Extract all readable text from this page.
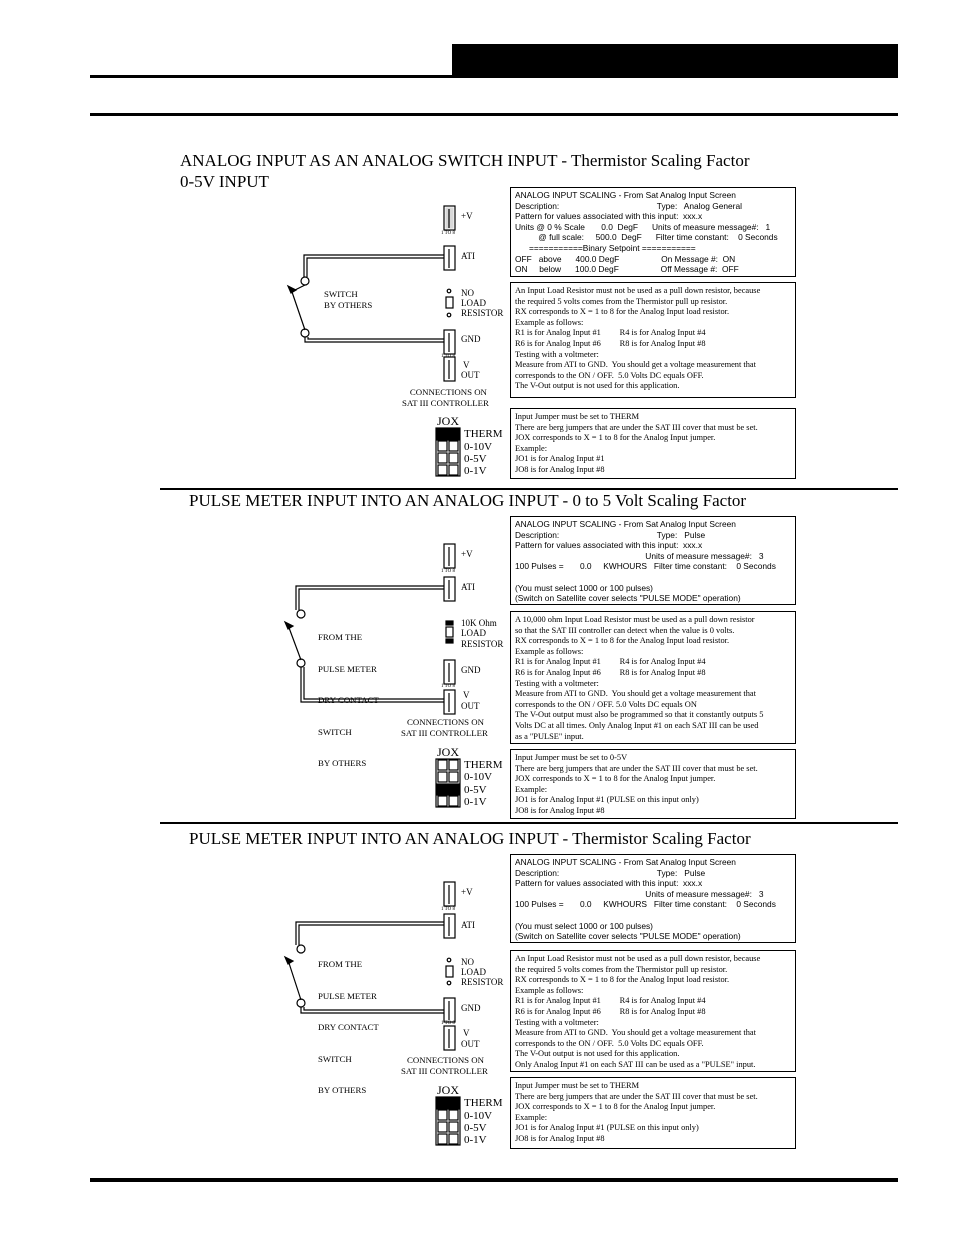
ANALOG INPUT AS AN ANALOG SWITCH INPUT - Thermistor Scaling Factor
0-5V INPUT
ANALOG INPUT SCALING - From Sat Analog Input Screen
Description:                                          Type:   Analog General
Pattern for values associated with this input:  xxx.x
Units @ 0 % Scale       0.0  DegF      Units of measure message#:   1
@ full scale:     500.0  DegF      Filter time constant:    0 Seconds
===========Binary Setpoint ===========
OFF   above      400.0 DegF                  On Message #:  ON
ON     below      100.0 DegF                  Off Message #:  OFF
An Input Load Resistor must not be used as a pull down resistor, because
the required 5 volts comes from the Thermistor pull up resistor.
RX corresponds to X = 1 to 8 for the Analog Input load resistor.
Example as follows:
R1 is for Analog Input #1         R4 is for Analog Input #4
R6 is for Analog Input #6         R8 is for Analog Input #8
Testing with a voltmeter:
Measure from ATI to GND.  You should get a voltage measurement that
corresponds to the ON / OFF.  5.0 Volts DC equals OFF.
The V-Out output is not used for this application.
Input Jumper must be set to THERM
There are berg jumpers that are under the SAT III cover that must be set.
JOX corresponds to X = 1 to 8 for the Analog Input jumper.
Example:
JO1 is for Analog Input #1
JO8 is for Analog Input #8
+V
ATI
NO
LOAD
RESISTOR
GND
V
OUT
1 TO 8
1 TO 8
SWITCH
BY OTHERS
CONNECTIONS ON
SAT III CONTROLLER
JOX
THERM
0-10V
0-5V
0-1V
PULSE METER INPUT INTO AN ANALOG INPUT - 0 to 5 Volt Scaling Factor
ANALOG INPUT SCALING - From Sat Analog Input Screen
Description:                                          Type:   Pulse
Pattern for values associated with this input:  xxx.x
Units of measure message#:   3
100 Pulses =       0.0     KWHOURS   Filter time constant:    0 Seconds
(You must select 1000 or 100 pulses)
(Switch on Satellite cover selects "PULSE MODE" operation)
A 10,000 ohm Input Load Resistor must be used as a pull down resistor
so that the SAT III controller can detect when the value is 0 volts.
RX corresponds to X = 1 to 8 for the Analog Input load resistor.
Example as follows:
R1 is for Analog Input #1         R4 is for Analog Input #4
R6 is for Analog Input #6         R8 is for Analog Input #8
Testing with a voltmeter:
Measure from ATI to GND.  You should get a voltage measurement that
corresponds to the ON / OFF. 5.0 Volts DC equals ON
The V-Out output must also be programmed so that it constantly outputs 5
Volts DC at all times. Only Analog Input #1 on each SAT III can be used
as a "PULSE" input.
Input Jumper must be set to 0-5V
There are berg jumpers that are under the SAT III cover that must be set.
JOX corresponds to X = 1 to 8 for the Analog Input jumper.
Example:
JO1 is for Analog Input #1 (PULSE on this input only)
JO8 is for Analog Input #8
+V
ATI
10K Ohm
LOAD
RESISTOR
GND
V
OUT
1 TO 8
1 TO 8

FROM THE

PULSE METER

DRY CONTACT

SWITCH

BY OTHERS

CONNECTIONS ON
SAT III CONTROLLER
JOX
THERM
0-10V
0-5V
0-1V
PULSE METER INPUT INTO AN ANALOG INPUT - Thermistor Scaling Factor
ANALOG INPUT SCALING - From Sat Analog Input Screen
Description:                                          Type:   Pulse
Pattern for values associated with this input:  xxx.x
Units of measure message#:   3
100 Pulses =       0.0     KWHOURS   Filter time constant:    0 Seconds
(You must select 1000 or 100 pulses)
(Switch on Satellite cover selects "PULSE MODE" operation)
An Input Load Resistor must not be used as a pull down resistor, because
the required 5 volts comes from the Thermistor pull up resistor.
RX corresponds to X = 1 to 8 for the Analog Input load resistor.
Example as follows:
R1 is for Analog Input #1         R4 is for Analog Input #4
R6 is for Analog Input #6         R8 is for Analog Input #8
Testing with a voltmeter:
Measure from ATI to GND.  You should get a voltage measurement that
corresponds to the ON / OFF.  5.0 Volts DC equals OFF.
The V-Out output is not used for this application.
Only Analog Input #1 on each SAT III can be used as a "PULSE" input.
Input Jumper must be set to THERM
There are berg jumpers that are under the SAT III cover that must be set.
JOX corresponds to X = 1 to 8 for the Analog Input jumper.
Example:
JO1 is for Analog Input #1 (PULSE on this input only)
JO8 is for Analog Input #8
+V
ATI
NO
LOAD
RESISTOR
GND
V
OUT
1 TO 8
1 TO 8

FROM THE

PULSE METER

DRY CONTACT

SWITCH

BY OTHERS

CONNECTIONS ON
SAT III CONTROLLER
JOX
THERM
0-10V
0-5V
0-1V
